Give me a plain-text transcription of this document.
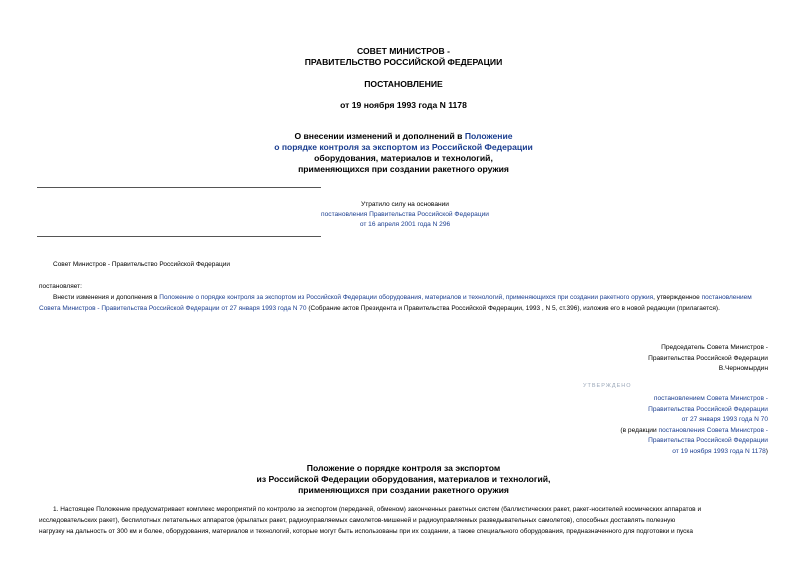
СОВЕТ МИНИСТРОВ -
ПРАВИТЕЛЬСТВО РОССИЙСКОЙ ФЕДЕРАЦИИ
ПОСТАНОВЛЕНИЕ
от 19 ноября 1993 года N 1178
О внесении изменений и дополнений в Положение
о порядке контроля за экспортом из Российской Федерации
оборудования, материалов и технологий,
применяющихся при создании ракетного оружия
Утратило силу на основании
постановления Правительства Российской Федерации
от 16 апреля 2001 года N 296
Совет Министров - Правительство Российской Федерации
постановляет:
Внести изменения и дополнения в Положение о порядке контроля за экспортом из Российской Федерации оборудования, материалов и технологий, применяющихся при создании ракетного оружия, утвержденное постановлением Совета Министров - Правительства Российской Федерации от 27 января 1993 года N 70 (Собрание актов Президента и Правительства Российской Федерации, 1993 , N 5, ст.396), изложив его в новой редакции (прилагается).
Председатель Совета Министров -
Правительства Российской Федерации
В.Черномырдин
УТВЕРЖДЕНО
постановлением Совета Министров -
Правительства Российской Федерации
от 27 января 1993 года N 70
(в редакции постановления Совета Министров -
Правительства Российской Федерации
от 19 ноября 1993 года N 1178)
Положение о порядке контроля за экспортом
из Российской Федерации оборудования, материалов и технологий,
применяющихся при создании ракетного оружия
1. Настоящее Положение предусматривает комплекс мероприятий по контролю за экспортом (передачей, обменом) законченных ракетных систем (баллистических ракет, ракет-носителей космических аппаратов и
исследовательских ракет), беспилотных летательных аппаратов (крылатых ракет, радиоуправляемых самолетов-мишеней и радиоуправляемых разведывательных самолетов), способных доставлять полезную
нагрузку на дальность от 300 км и более, оборудования, материалов и технологий, которые могут быть использованы при их создании, а также специального оборудования, предназначенного для подготовки и пуска
